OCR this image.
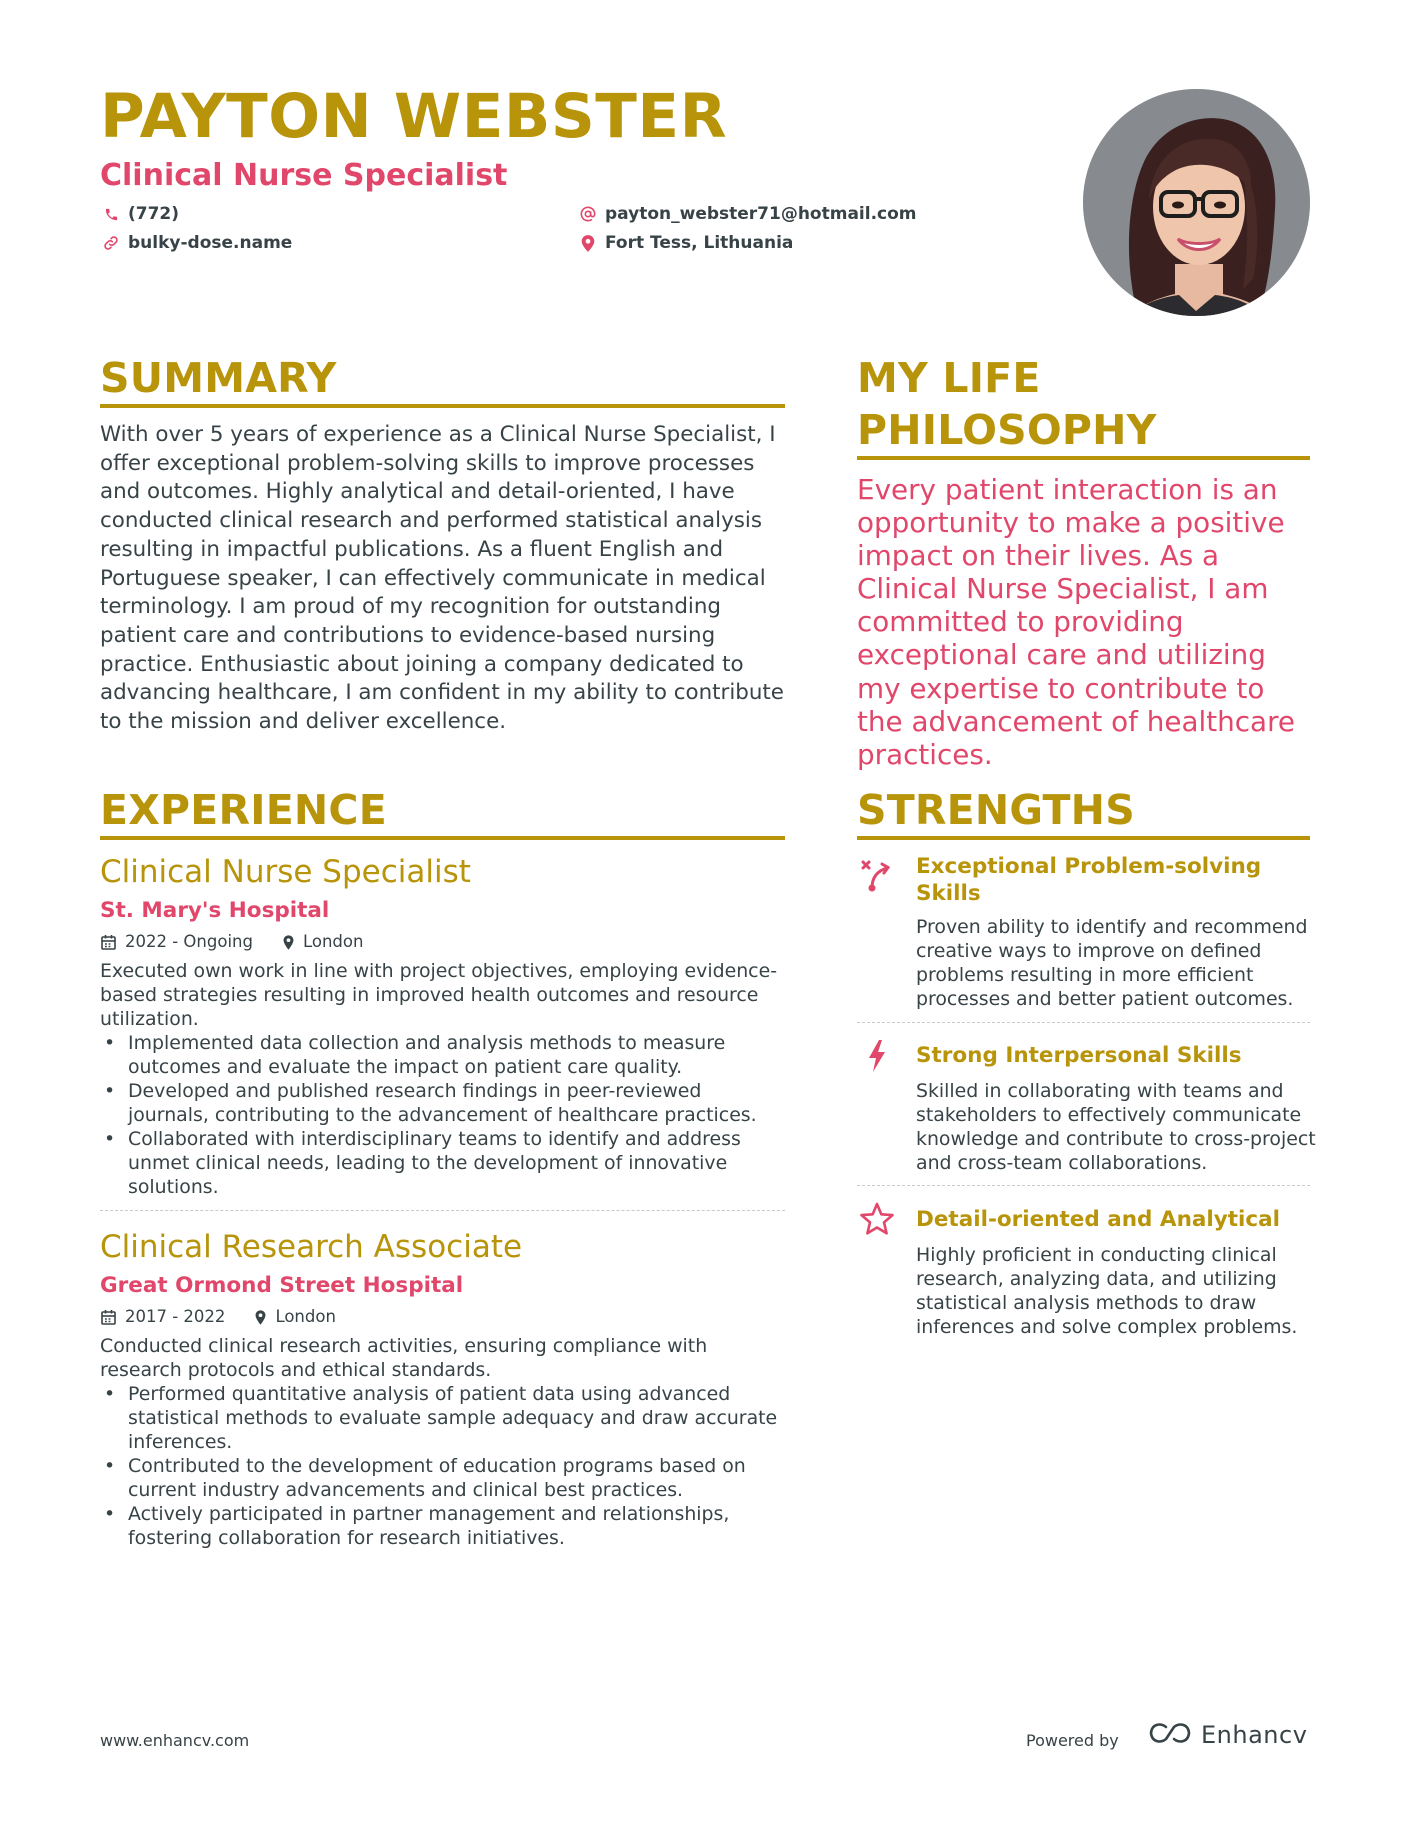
PAYTON WEBSTER
Clinical Nurse Specialist
(772)
bulky-dose.name
payton_webster71@hotmail.com
Fort Tess, Lithuania
SUMMARY
With over 5 years of experience as a Clinical Nurse Specialist, I offer exceptional problem-solving skills to improve processes and outcomes. Highly analytical and detail-oriented, I have conducted clinical research and performed statistical analysis resulting in impactful publications. As a fluent English and Portuguese speaker, I can effectively communicate in medical terminology. I am proud of my recognition for outstanding patient care and contributions to evidence-based nursing practice. Enthusiastic about joining a company dedicated to advancing healthcare, I am confident in my ability to contribute to the mission and deliver excellence.
MY LIFE PHILOSOPHY
Every patient interaction is an opportunity to make a positive impact on their lives. As a Clinical Nurse Specialist, I am committed to providing exceptional care and utilizing my expertise to contribute to the advancement of healthcare practices.
EXPERIENCE
Clinical Nurse Specialist
St. Mary's Hospital
2022 - Ongoing	London
Executed own work in line with project objectives, employing evidence-based strategies resulting in improved health outcomes and resource utilization.
• Implemented data collection and analysis methods to measure outcomes and evaluate the impact on patient care quality.
• Developed and published research findings in peer-reviewed journals, contributing to the advancement of healthcare practices.
• Collaborated with interdisciplinary teams to identify and address unmet clinical needs, leading to the development of innovative solutions.
Clinical Research Associate
Great Ormond Street Hospital
2017 - 2022	London
Conducted clinical research activities, ensuring compliance with research protocols and ethical standards.
• Performed quantitative analysis of patient data using advanced statistical methods to evaluate sample adequacy and draw accurate inferences.
• Contributed to the development of education programs based on current industry advancements and clinical best practices.
• Actively participated in partner management and relationships, fostering collaboration for research initiatives.
STRENGTHS
Exceptional Problem-solving Skills
Proven ability to identify and recommend creative ways to improve on defined problems resulting in more efficient processes and better patient outcomes.
Strong Interpersonal Skills
Skilled in collaborating with teams and stakeholders to effectively communicate knowledge and contribute to cross-project and cross-team collaborations.
Detail-oriented and Analytical
Highly proficient in conducting clinical research, analyzing data, and utilizing statistical analysis methods to draw inferences and solve complex problems.
www.enhancv.com	Powered by	Enhancv
